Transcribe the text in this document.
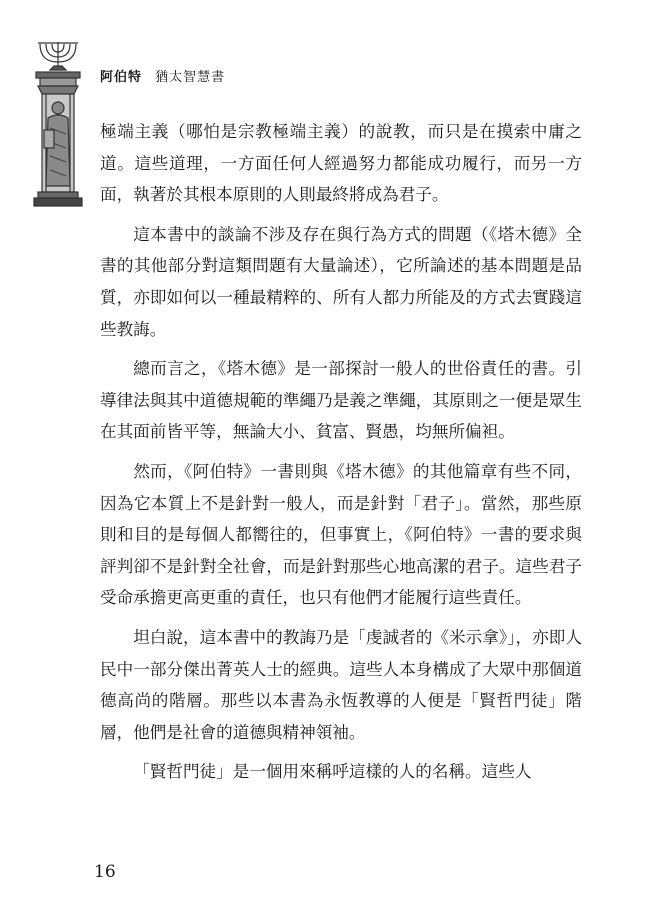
阿伯特 猶太智慧書

極端主義（哪怕是宗教極端主義）的說教，而只是在摸索中庸之道。這些道理，一方面任何人經過努力都能成功履行，而另一方面，執著於其根本原則的人則最終將成為君子。

這本書中的談論不涉及存在與行為方式的問題（《塔木德》全書的其他部分對這類問題有大量論述），它所論述的基本問題是品質，亦即如何以一種最精粹的、所有人都力所能及的方式去實踐這些教誨。

總而言之，《塔木德》是一部探討一般人的世俗責任的書。引導律法與其中道德規範的準繩乃是義之準繩，其原則之一便是眾生在其面前皆平等，無論大小、貧富、賢愚，均無所偏袒。

然而，《阿伯特》一書則與《塔木德》的其他篇章有些不同，因為它本質上不是針對一般人，而是針對「君子」。當然，那些原則和目的是每個人都嚮往的，但事實上，《阿伯特》一書的要求與評判卻不是針對全社會，而是針對那些心地高潔的君子。這些君子受命承擔更高更重的責任，也只有他們才能履行這些責任。

坦白說，這本書中的教誨乃是「虔誠者的《米示拿》」，亦即人民中一部分傑出菁英人士的經典。這些人本身構成了大眾中那個道德高尚的階層。那些以本書為永恆教導的人便是「賢哲門徒」階層，他們是社會的道德與精神領袖。

「賢哲門徒」是一個用來稱呼這樣的人的名稱。這些人

16
